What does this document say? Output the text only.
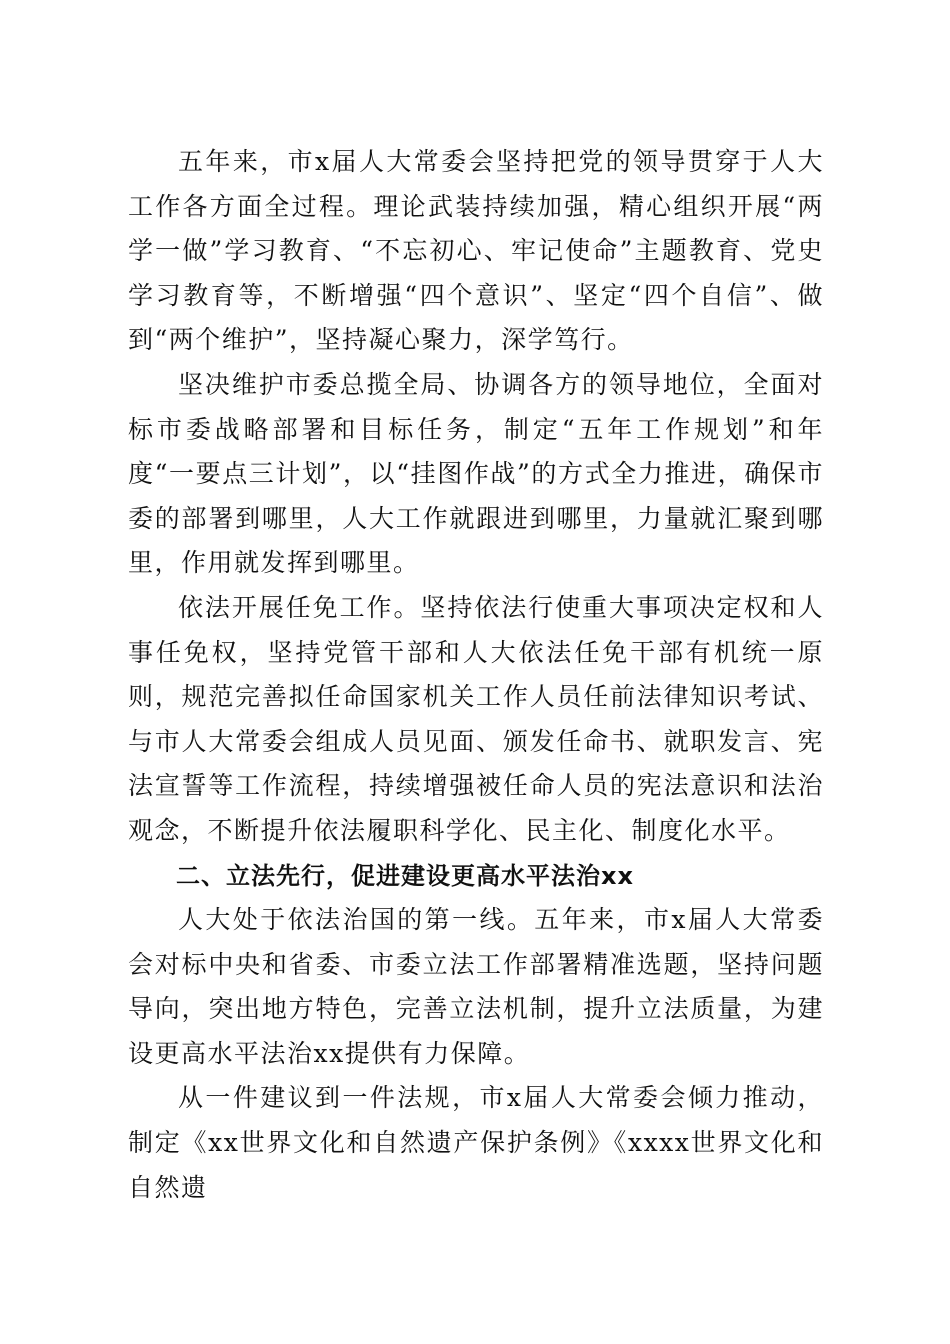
五年来，市x届人大常委会坚持把党的领导贯穿于人大工作各方面全过程。理论武装持续加强，精心组织开展“两学一做”学习教育、“不忘初心、牢记使命”主题教育、党史学习教育等，不断增强“四个意识”、坚定“四个自信”、做到“两个维护”，坚持凝心聚力，深学笃行。

坚决维护市委总揽全局、协调各方的领导地位，全面对标市委战略部署和目标任务，制定“五年工作规划”和年度“一要点三计划”，以“挂图作战”的方式全力推进，确保市委的部署到哪里，人大工作就跟进到哪里，力量就汇聚到哪里，作用就发挥到哪里。

依法开展任免工作。坚持依法行使重大事项决定权和人事任免权，坚持党管干部和人大依法任免干部有机统一原则，规范完善拟任命国家机关工作人员任前法律知识考试、与市人大常委会组成人员见面、颁发任命书、就职发言、宪法宣誓等工作流程，持续增强被任命人员的宪法意识和法治观念，不断提升依法履职科学化、民主化、制度化水平。

二、立法先行，促进建设更高水平法治xx

人大处于依法治国的第一线。五年来，市x届人大常委会对标中央和省委、市委立法工作部署精准选题，坚持问题导向，突出地方特色，完善立法机制，提升立法质量，为建设更高水平法治xx提供有力保障。

从一件建议到一件法规，市x届人大常委会倾力推动，制定《xx世界文化和自然遗产保护条例》《xxxx世界文化和自然遗
